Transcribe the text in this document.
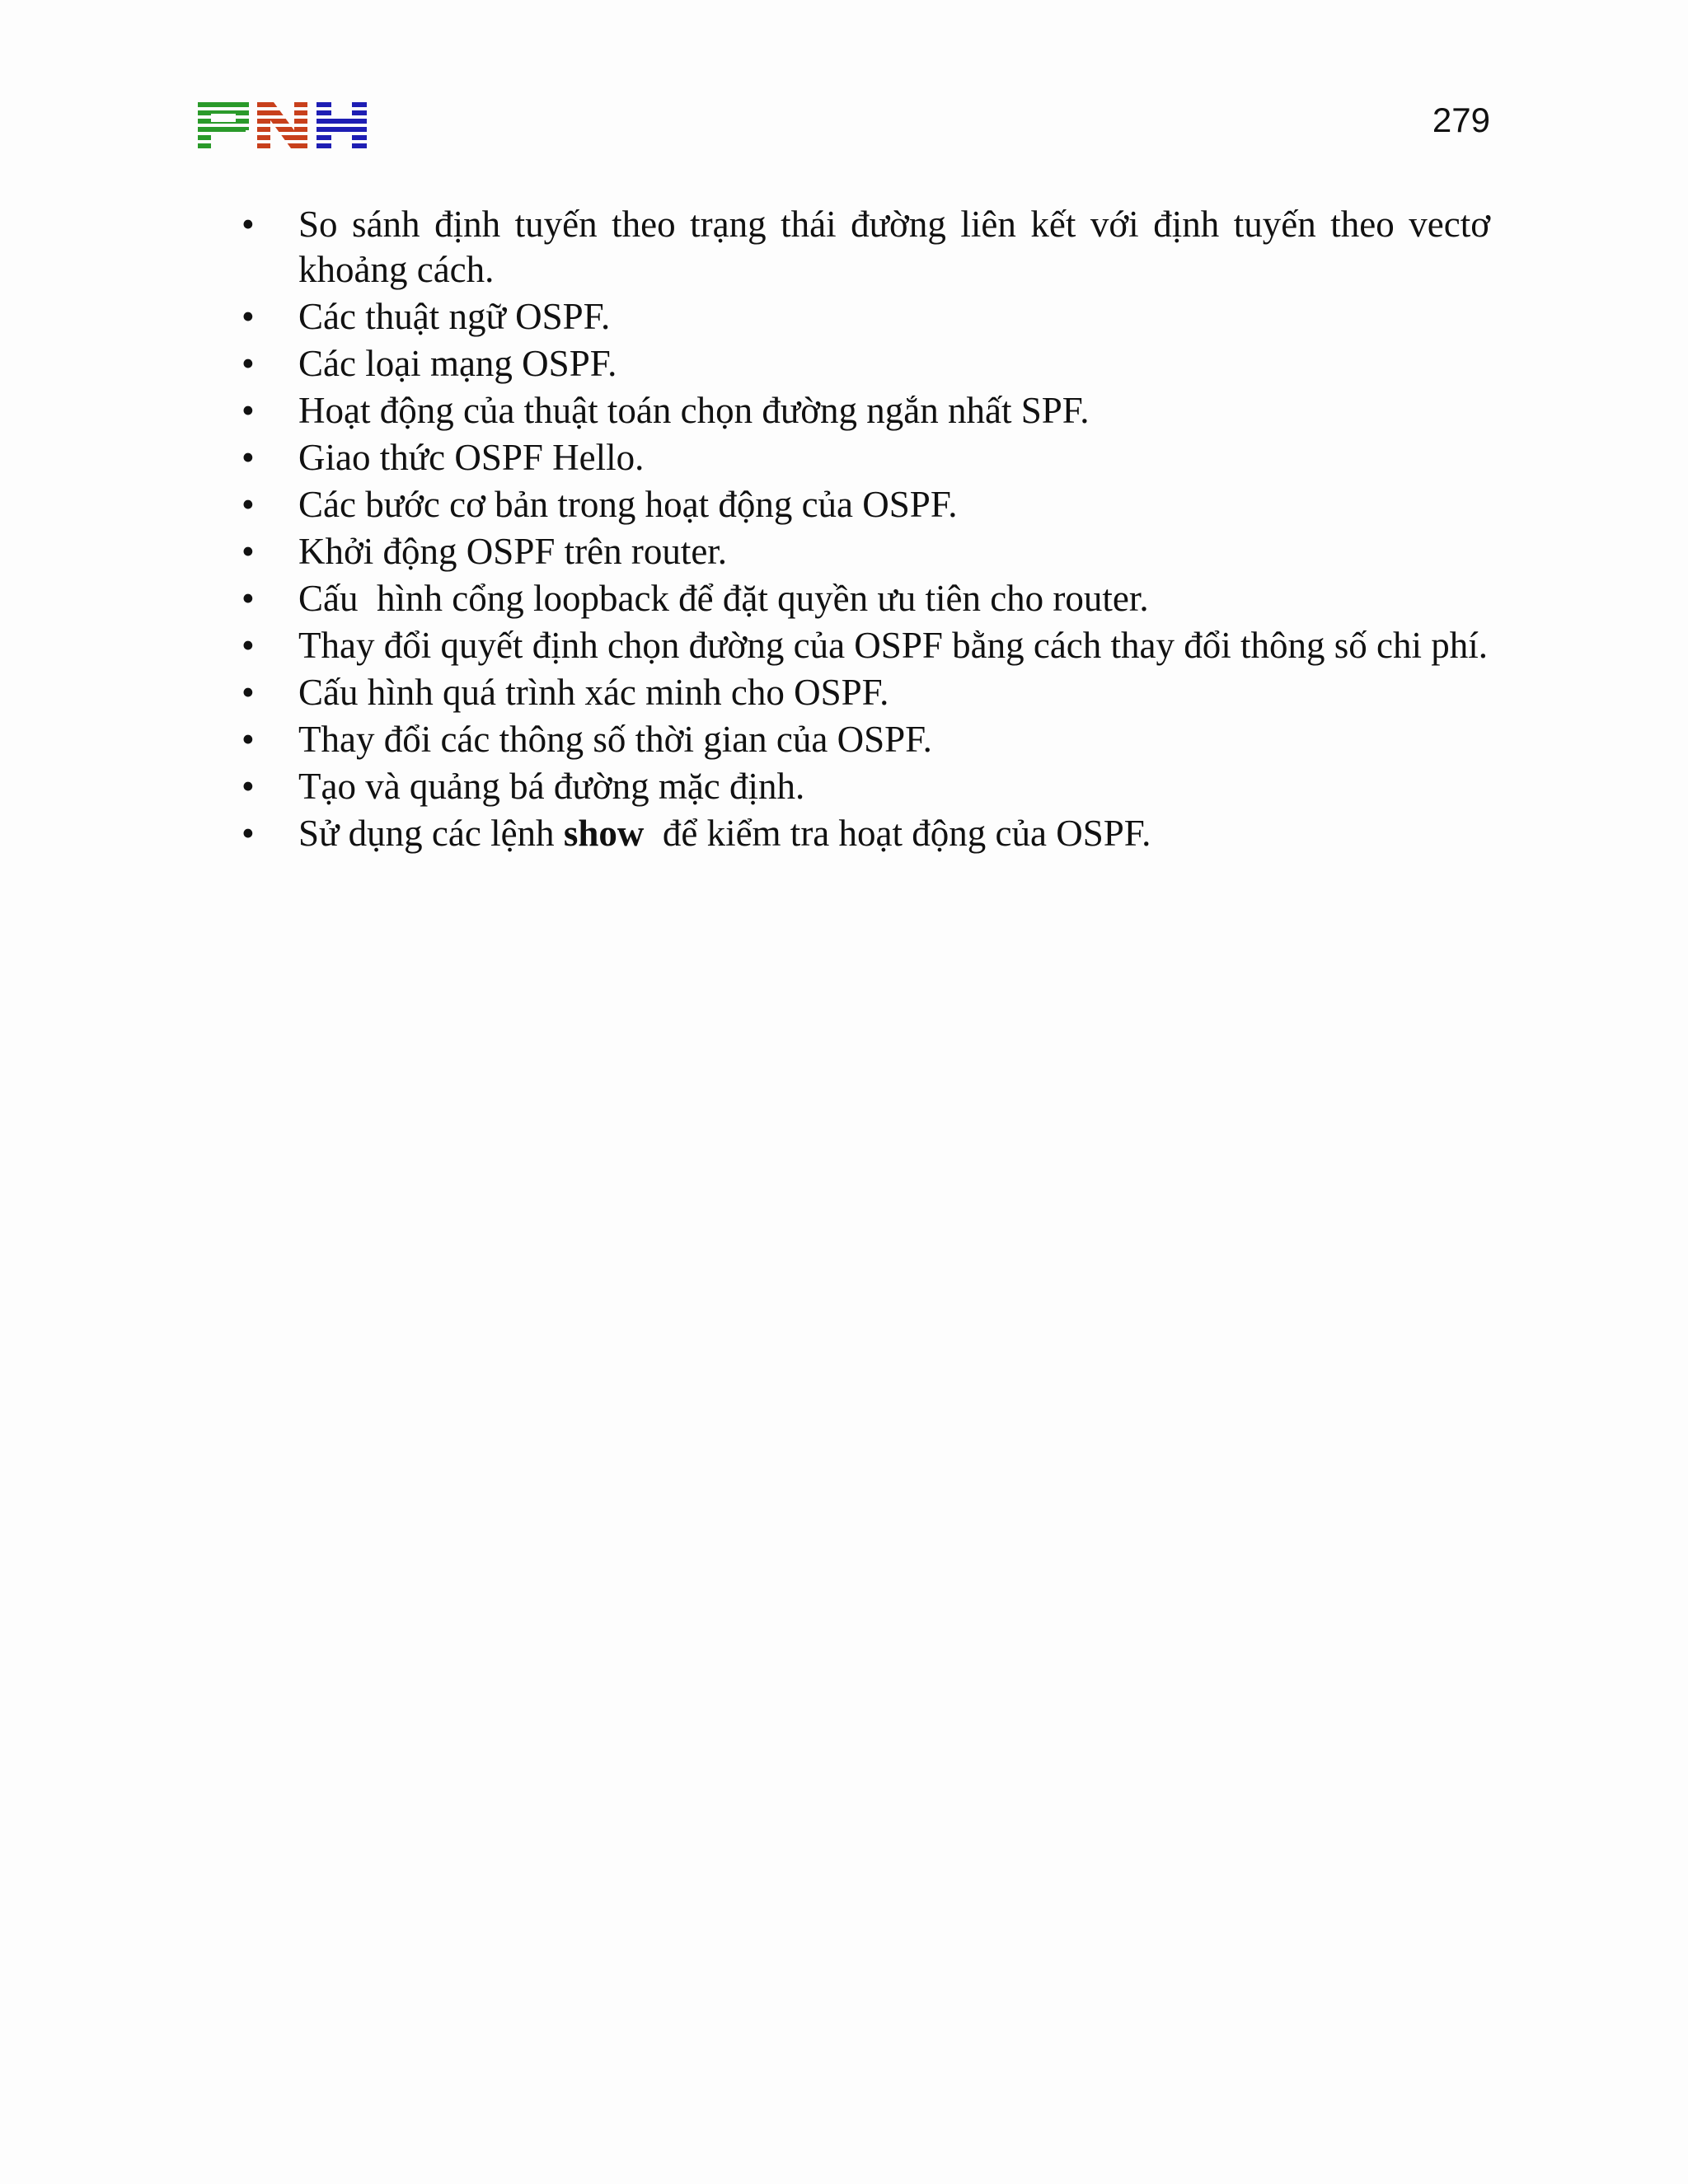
279
• So sánh định tuyến theo trạng thái đường liên kết với định tuyến theo vectơ khoảng cách.
• Các thuật ngữ OSPF.
• Các loại mạng OSPF.
• Hoạt động của thuật toán chọn đường ngắn nhất SPF.
• Giao thức OSPF Hello.
• Các bước cơ bản trong hoạt động của OSPF.
• Khởi động OSPF trên router.
• Cấu  hình cổng loopback để đặt quyền ưu tiên cho router.
• Thay đổi quyết định chọn đường của OSPF bằng cách thay đổi thông số chi phí.
• Cấu hình quá trình xác minh cho OSPF.
• Thay đổi các thông số thời gian của OSPF.
• Tạo và quảng bá đường mặc định.
• Sử dụng các lệnh show  để kiểm tra hoạt động của OSPF.
